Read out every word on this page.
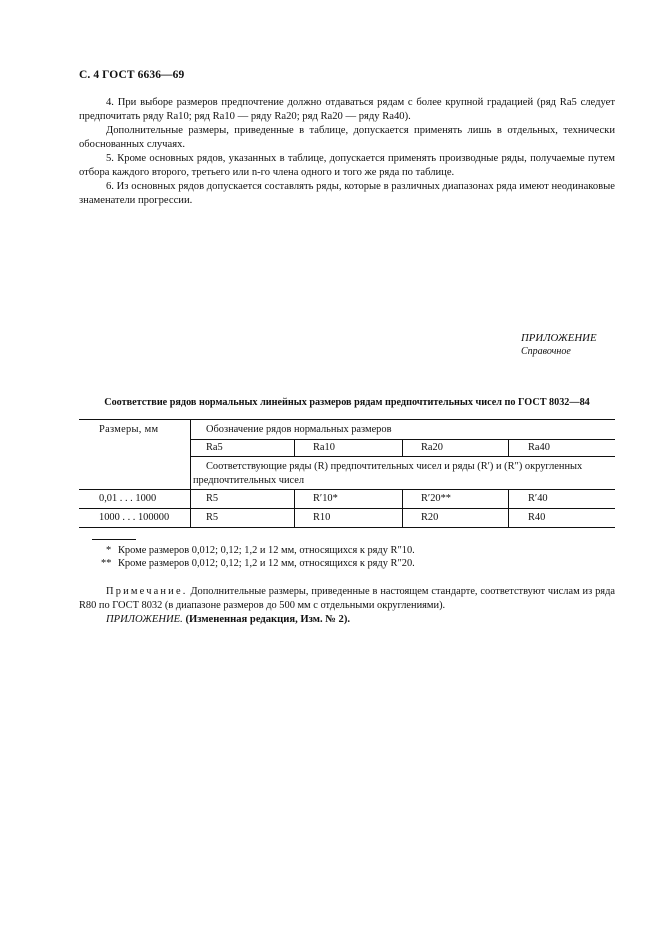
С. 4 ГОСТ 6636—69

4. При выборе размеров предпочтение должно отдаваться рядам с более крупной градацией (ряд Ra5 следует предпочитать ряду Ra10; ряд Ra10 — ряду Ra20; ряд Ra20 — ряду Ra40).

Дополнительные размеры, приведенные в таблице, допускается применять лишь в отдельных, технически обоснованных случаях.

5. Кроме основных рядов, указанных в таблице, допускается применять производные ряды, получаемые путем отбора каждого второго, третьего или n-го члена одного и того же ряда по таблице.

6. Из основных рядов допускается составлять ряды, которые в различных диапазонах ряда имеют неодинаковые знаменатели прогрессии.

ПРИЛОЖЕНИЕ
Справочное
Соответствие рядов нормальных линейных размеров рядам предпочтительных чисел по ГОСТ 8032—84
Размеры, мм	Обозначение рядов нормальных размеров
Ra5	Ra10	Ra20	Ra40
Соответствующие ряды (R) предпочтительных чисел и ряды (R′) и (R″) округленных предпочтительных чисел
0,01 . . . 1000	R5	R′10*	R′20**	R′40
1000 . . . 100000	R5	R10	R20	R40
* Кроме размеров 0,012; 0,12; 1,2 и 12 мм, относящихся к ряду R″10.
** Кроме размеров 0,012; 0,12; 1,2 и 12 мм, относящихся к ряду R″20.
Примечание. Дополнительные размеры, приведенные в настоящем стандарте, соответствуют числам из ряда R80 по ГОСТ 8032 (в диапазоне размеров до 500 мм с отдельными округлениями).
ПРИЛОЖЕНИЕ. (Измененная редакция, Изм. № 2).
